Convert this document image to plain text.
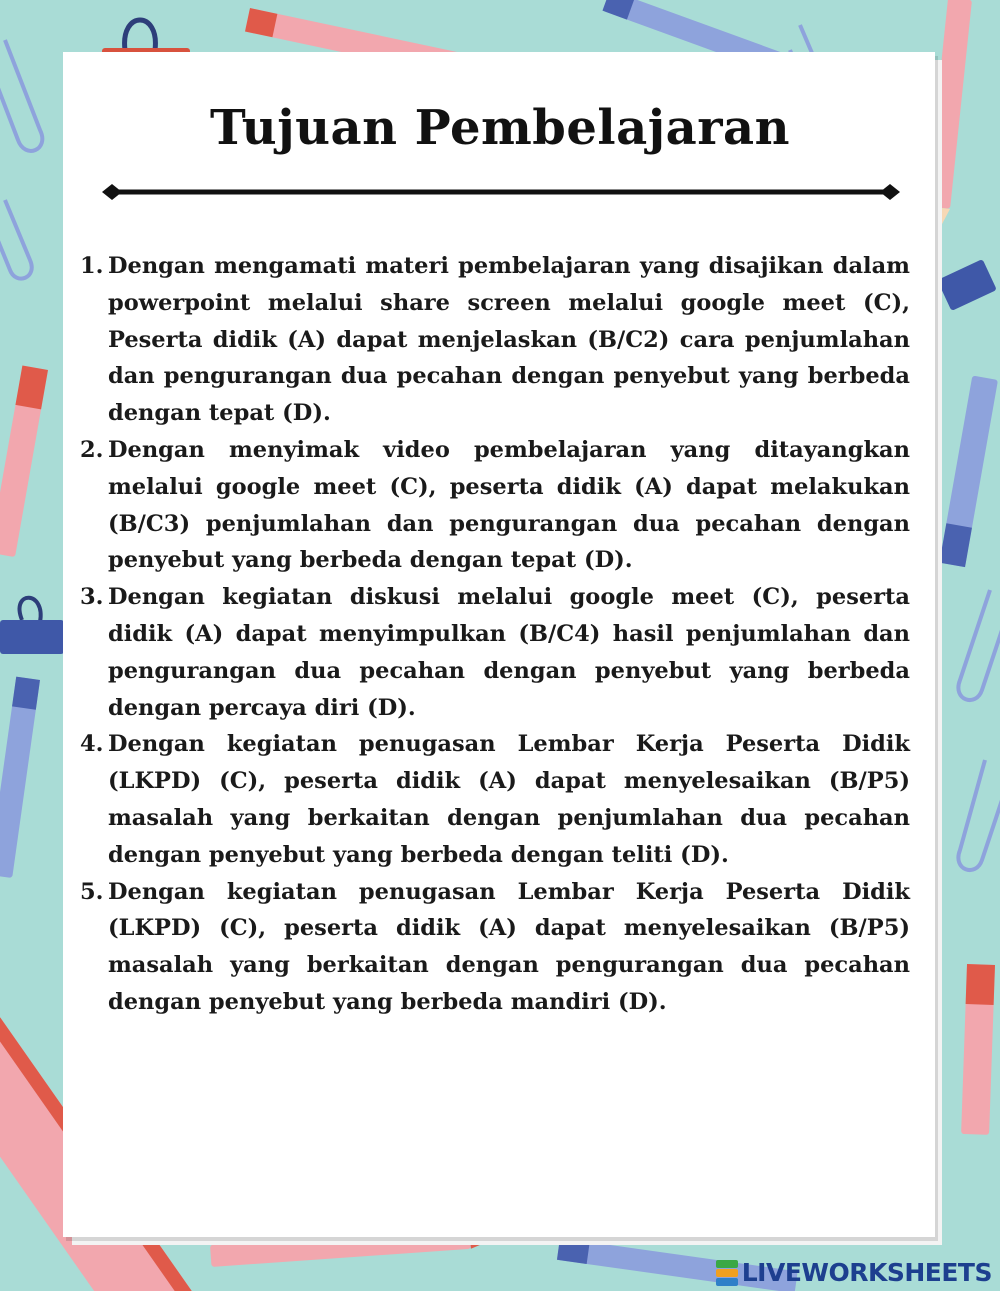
Tujuan Pembelajaran
1. Dengan mengamati materi pembelajaran yang disajikan dalam powerpoint melalui share screen melalui google meet (C), Peserta didik (A) dapat menjelaskan (B/C2) cara penjumlahan dan pengurangan dua pecahan dengan penyebut yang berbeda dengan tepat (D).
2. Dengan menyimak video pembelajaran yang ditayangkan melalui google meet (C), peserta didik (A) dapat melakukan (B/C3) penjumlahan dan pengurangan dua pecahan dengan penyebut yang berbeda dengan tepat (D).
3. Dengan kegiatan diskusi melalui google meet (C), peserta didik (A) dapat menyimpulkan (B/C4) hasil penjumlahan dan pengurangan dua pecahan dengan penyebut yang berbeda dengan percaya diri (D).
4. Dengan kegiatan penugasan Lembar Kerja Peserta Didik (LKPD) (C), peserta didik (A) dapat menyelesaikan (B/P5) masalah yang berkaitan dengan penjumlahan dua pecahan dengan penyebut yang berbeda dengan teliti (D).
5. Dengan kegiatan penugasan Lembar Kerja Peserta Didik (LKPD) (C), peserta didik (A) dapat menyelesaikan (B/P5) masalah yang berkaitan dengan pengurangan dua pecahan dengan penyebut yang berbeda mandiri (D).
LIVEWORKSHEETS
